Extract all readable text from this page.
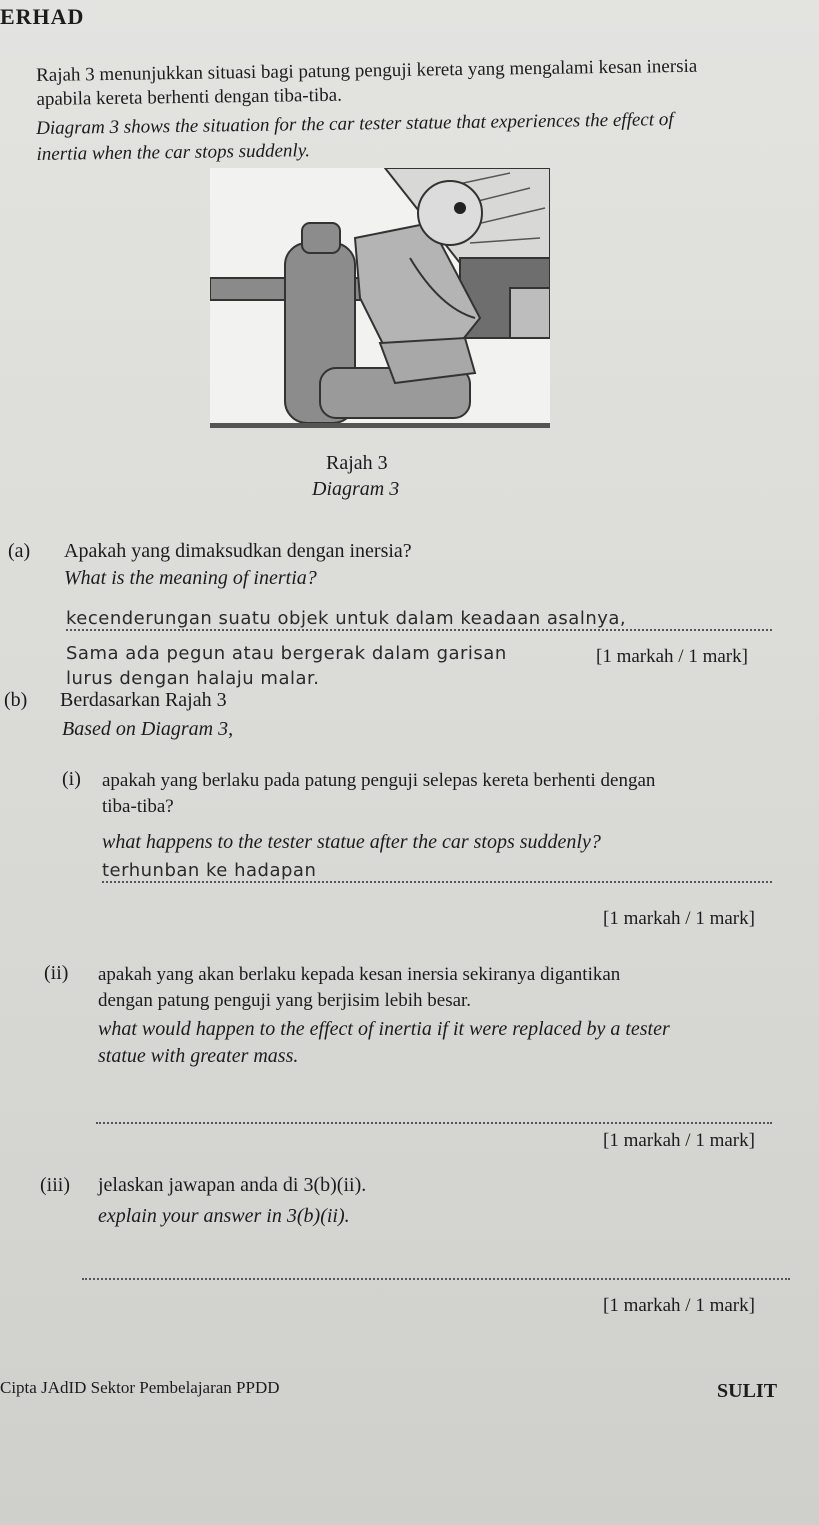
ERHAD
Rajah 3 menunjukkan situasi bagi patung penguji kereta yang mengalami kesan inersia
apabila kereta berhenti dengan tiba-tiba.
Diagram 3 shows the situation for the car tester statue that experiences the effect of
inertia when the car stops suddenly.
Rajah 3
Diagram 3
(a) Apakah yang dimaksudkan dengan inersia?
What is the meaning of inertia?
kecenderungan suatu objek untuk dalam keadaan asalnya,
Sama ada pegun atau bergerak dalam garisan	[1 markah / 1 mark]
lurus dengan halaju malar.
(b) Berdasarkan Rajah 3
Based on Diagram 3,
(i) apakah yang berlaku pada patung penguji selepas kereta berhenti dengan
tiba-tiba?
what happens to the tester statue after the car stops suddenly?
terhunban ke hadapan
[1 markah / 1 mark]
(ii) apakah yang akan berlaku kepada kesan inersia sekiranya digantikan
dengan patung penguji yang berjisim lebih besar.
what would happen to the effect of inertia if it were replaced by a tester
statue with greater mass.
[1 markah / 1 mark]
(iii) jelaskan jawapan anda di 3(b)(ii).
explain your answer in 3(b)(ii).
[1 markah / 1 mark]
Cipta JAdID Sektor Pembelajaran PPDD	SULIT
